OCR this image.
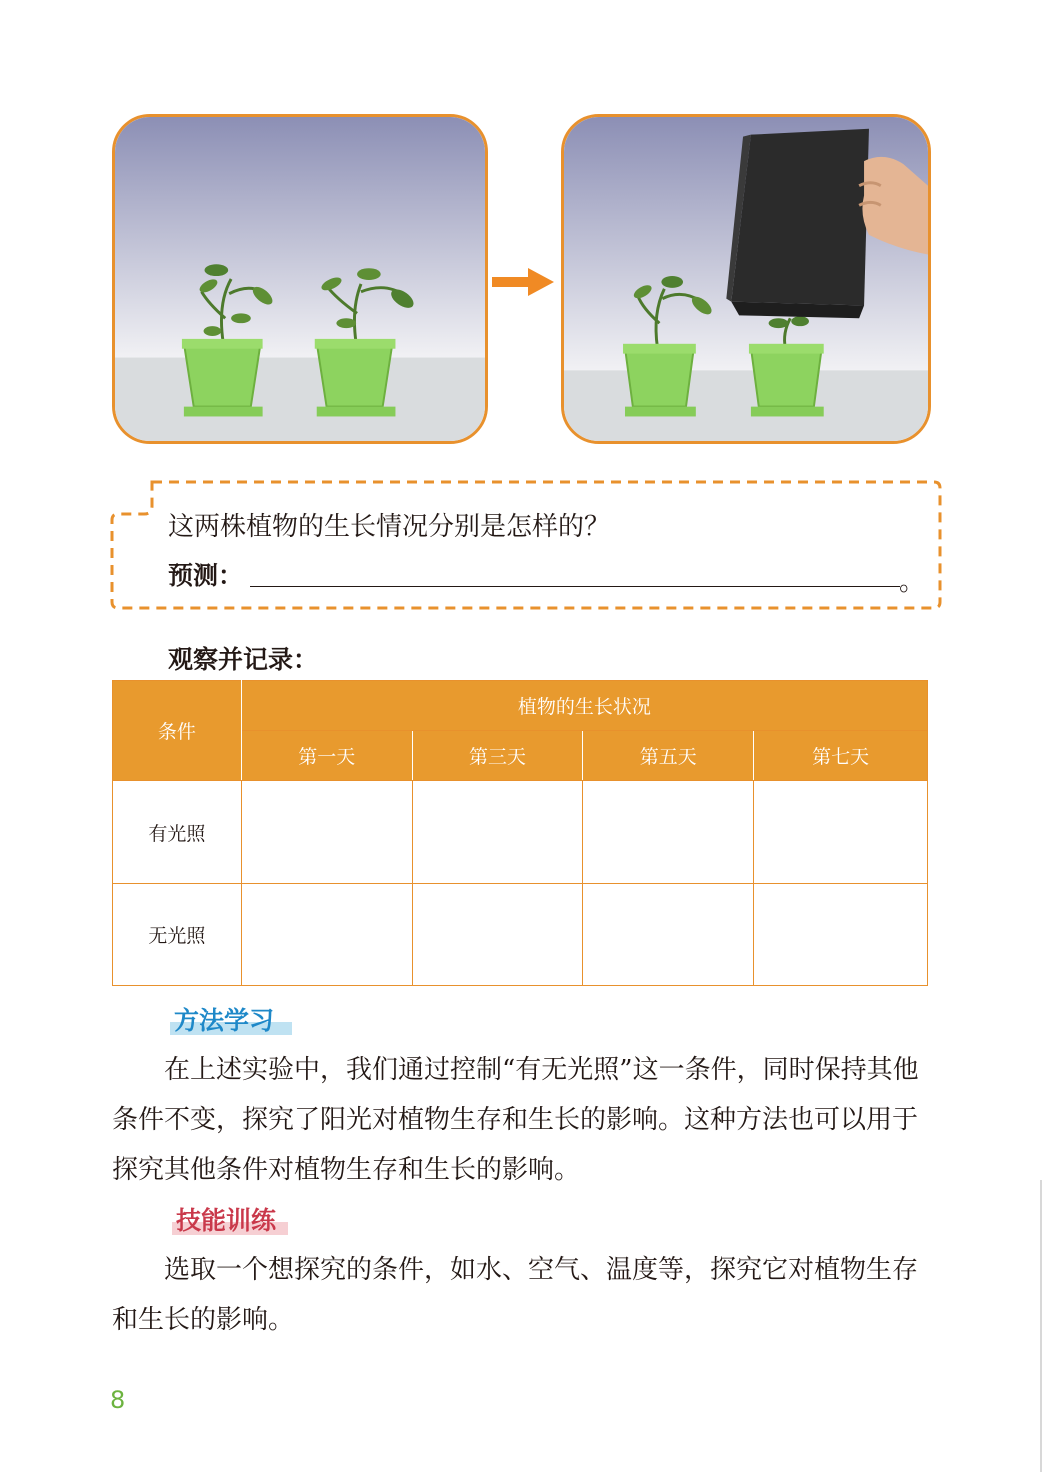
这两株植物的生长情况分别是怎样的？
预测：	。
观察并记录：
条件	植物的生长状况			
	第一天	第三天	第五天	第七天
有光照				
无光照				
方法学习
在上述实验中，我们通过控制“有无光照”这一条件，同时保持其他条件不变，探究了阳光对植物生存和生长的影响。这种方法也可以用于探究其他条件对植物生存和生长的影响。
技能训练
选取一个想探究的条件，如水、空气、温度等，探究它对植物生存和生长的影响。
8
